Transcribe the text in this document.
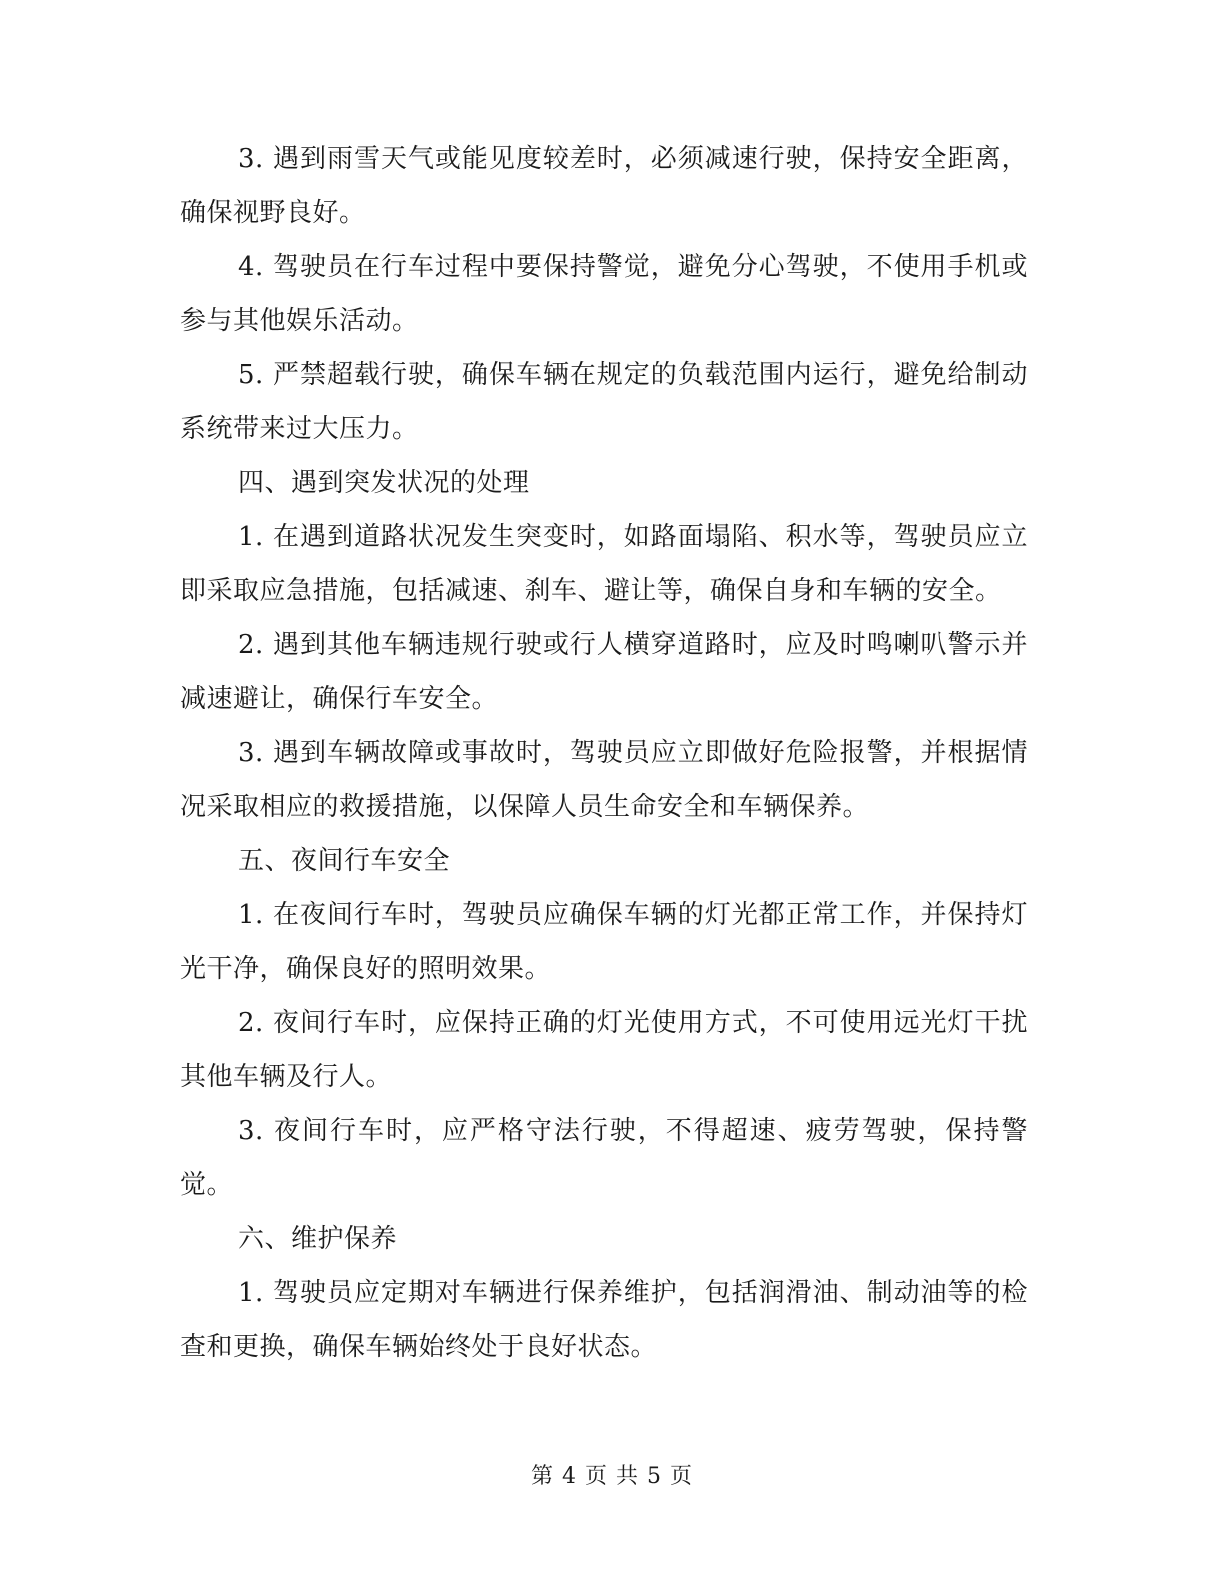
3. 遇到雨雪天气或能见度较差时，必须减速行驶，保持安全距离，确保视野良好。

4. 驾驶员在行车过程中要保持警觉，避免分心驾驶，不使用手机或参与其他娱乐活动。

5. 严禁超载行驶，确保车辆在规定的负载范围内运行，避免给制动系统带来过大压力。

四、遇到突发状况的处理

1. 在遇到道路状况发生突变时，如路面塌陷、积水等，驾驶员应立即采取应急措施，包括减速、刹车、避让等，确保自身和车辆的安全。

2. 遇到其他车辆违规行驶或行人横穿道路时，应及时鸣喇叭警示并减速避让，确保行车安全。

3. 遇到车辆故障或事故时，驾驶员应立即做好危险报警，并根据情况采取相应的救援措施，以保障人员生命安全和车辆保养。

五、夜间行车安全

1. 在夜间行车时，驾驶员应确保车辆的灯光都正常工作，并保持灯光干净，确保良好的照明效果。

2. 夜间行车时，应保持正确的灯光使用方式，不可使用远光灯干扰其他车辆及行人。

3. 夜间行车时，应严格守法行驶，不得超速、疲劳驾驶，保持警觉。

六、维护保养

1. 驾驶员应定期对车辆进行保养维护，包括润滑油、制动油等的检查和更换，确保车辆始终处于良好状态。

第 4 页 共 5 页
